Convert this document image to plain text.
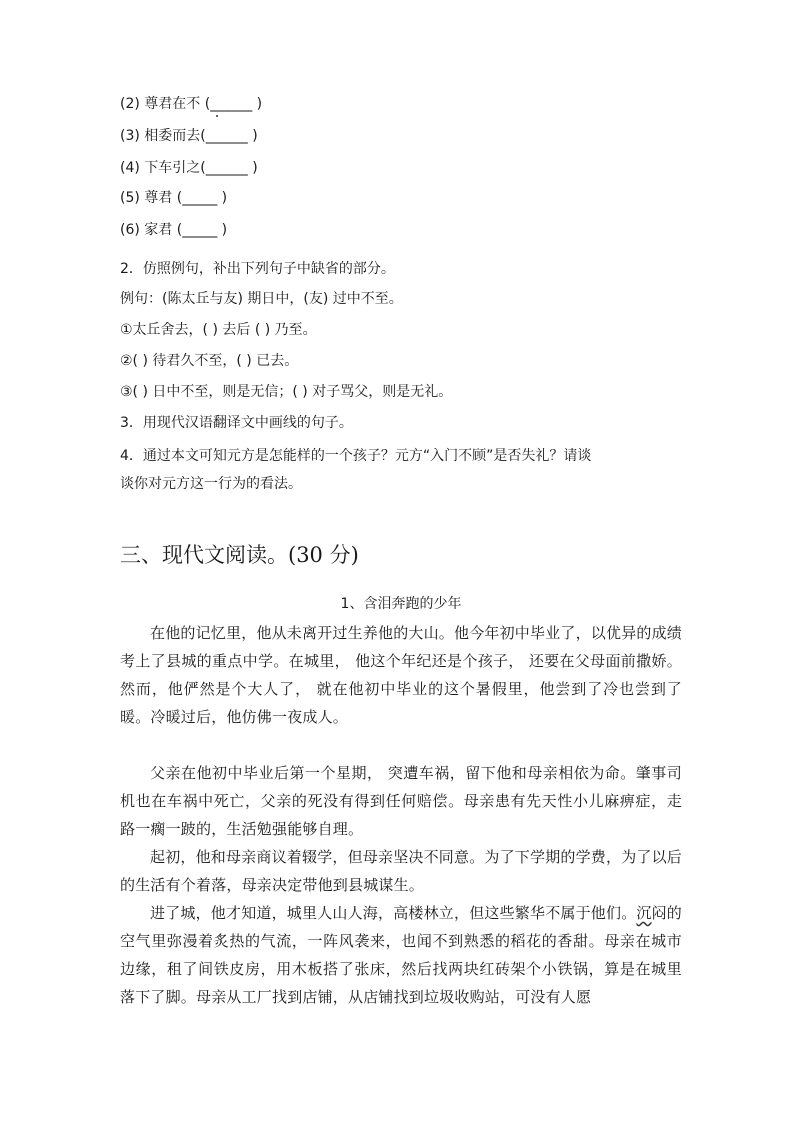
(2) 尊君在不 (______ )
(3) 相委而去(______ )
(4) 下车引之(______ )
(5) 尊君 (_____ )
(6) 家君 (_____ )
2．仿照例句，补出下列句子中缺省的部分。
例句：(陈太丘与友) 期日中，(友) 过中不至。
①太丘舍去，( ) 去后 ( ) 乃至。
②( ) 待君久不至，( ) 已去。
③( ) 日中不至，则是无信；( ) 对子骂父，则是无礼。
3．用现代汉语翻译文中画线的句子。
4．通过本文可知元方是怎能样的一个孩子？元方“入门不顾”是否失礼？请谈
谈你对元方这一行为的看法。
三、现代文阅读。(30 分)
1、含泪奔跑的少年
在他的记忆里，他从未离开过生养他的大山。他今年初中毕业了，以优异的成绩考上了县城的重点中学。在城里， 他这个年纪还是个孩子， 还要在父母面前撒娇。然而，他俨然是个大人了， 就在他初中毕业的这个暑假里，他尝到了冷也尝到了暖。冷暖过后，他仿佛一夜成人。
父亲在他初中毕业后第一个星期， 突遭车祸，留下他和母亲相依为命。肇事司机也在车祸中死亡，父亲的死没有得到任何赔偿。母亲患有先天性小儿麻痹症，走路一瘸一跛的，生活勉强能够自理。
起初，他和母亲商议着辍学，但母亲坚决不同意。为了下学期的学费，为了以后的生活有个着落，母亲决定带他到县城谋生。
进了城，他才知道，城里人山人海，高楼林立，但这些繁华不属于他们。沉闷的空气里弥漫着炙热的气流，一阵风袭来，也闻不到熟悉的稻花的香甜。母亲在城市边缘，租了间铁皮房，用木板搭了张床，然后找两块红砖架个小铁锅，算是在城里落下了脚。母亲从工厂找到店铺，从店铺找到垃圾收购站，可没有人愿
